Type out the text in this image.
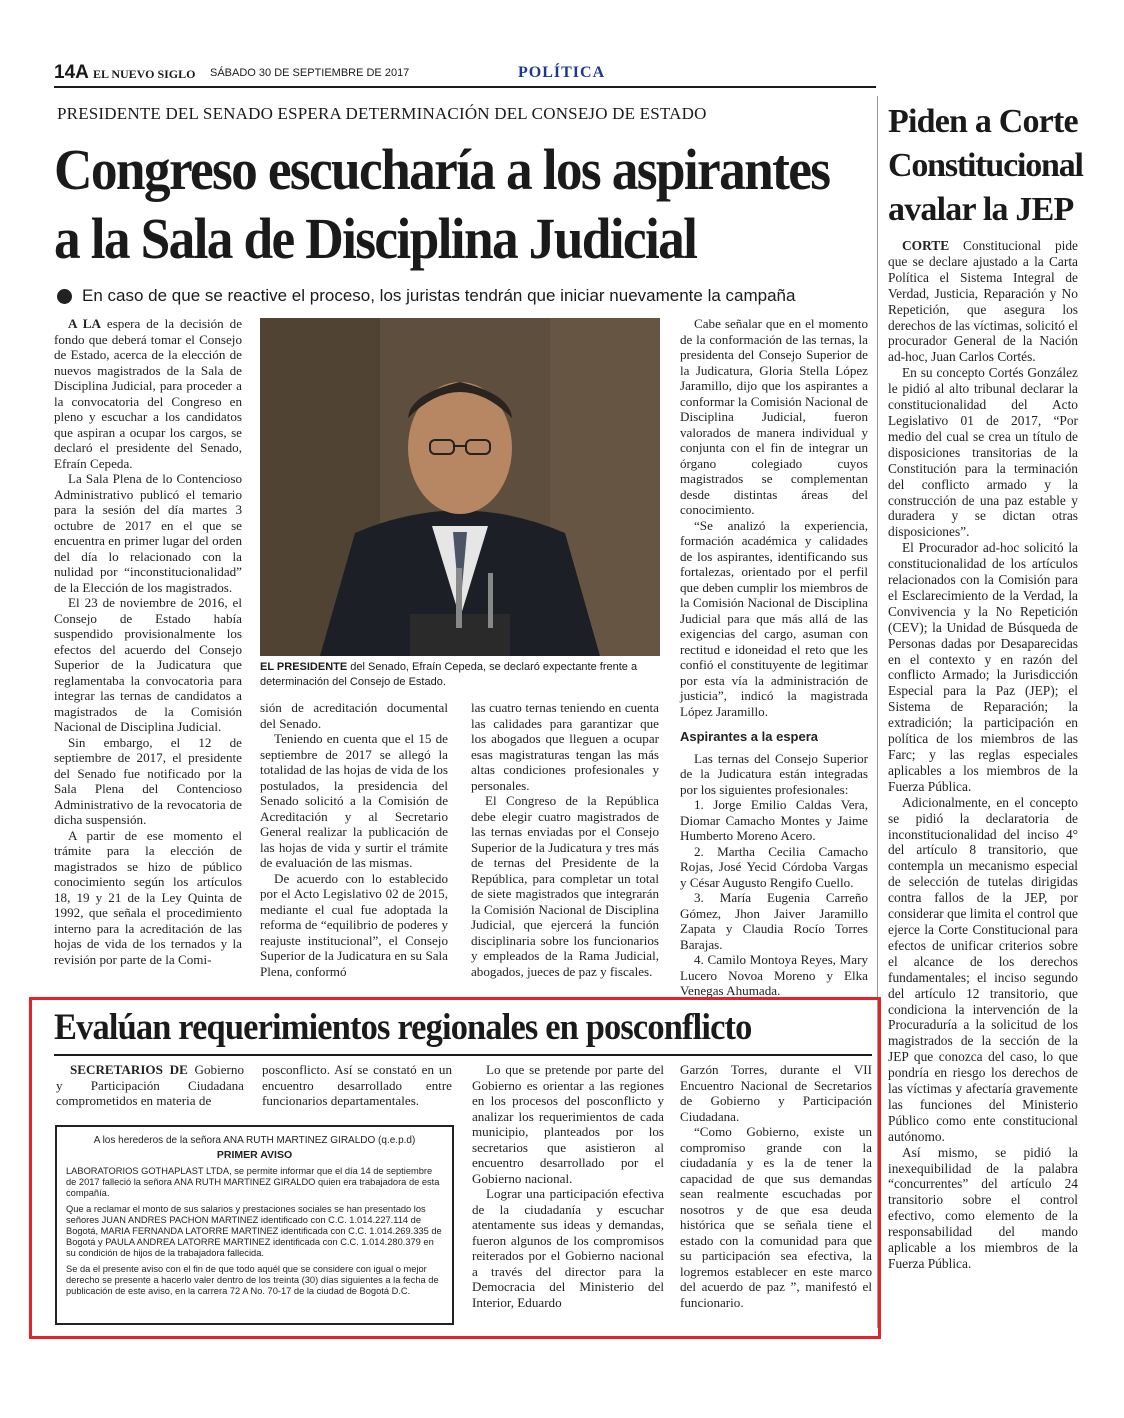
14A EL NUEVO SIGLO SÁBADO 30 DE SEPTIEMBRE DE 2017	POLÍTICA
PRESIDENTE DEL SENADO ESPERA DETERMINACIÓN DEL CONSEJO DE ESTADO
Congreso escucharía a los aspirantes
a la Sala de Disciplina Judicial
En caso de que se reactive el proceso, los juristas tendrán que iniciar nuevamente la campaña

A LA espera de la decisión de fondo que deberá tomar el Consejo de Estado, acerca de la elección de nuevos magistrados de la Sala de Disciplina Judicial, para proceder a la convocatoria del Congreso en pleno y escuchar a los candidatos que aspiran a ocupar los cargos, se declaró el presidente del Senado, Efraín Cepeda.

La Sala Plena de lo Contencioso Administrativo publicó el temario para la sesión del día martes 3 octubre de 2017 en el que se encuentra en primer lugar del orden del día lo relacionado con la nulidad por “inconstitucionalidad” de la Elección de los magistrados.

El 23 de noviembre de 2016, el Consejo de Estado había suspendido provisionalmente los efectos del acuerdo del Consejo Superior de la Judicatura que reglamentaba la convocatoria para integrar las ternas de candidatos a magistrados de la Comisión Nacional de Disciplina Judicial.

Sin embargo, el 12 de septiembre de 2017, el presidente del Senado fue notificado por la Sala Plena del Contencioso Administrativo de la revocatoria de dicha suspensión.

A partir de ese momento el trámite para la elección de magistrados se hizo de público conocimiento según los artículos 18, 19 y 21 de la Ley Quinta de 1992, que señala el procedimiento interno para la acreditación de las hojas de vida de los ternados y la revisión por parte de la Comi-

EL PRESIDENTE del Senado, Efraín Cepeda, se declaró expectante frente a determinación del Consejo de Estado.

sión de acreditación documental del Senado.

Teniendo en cuenta que el 15 de septiembre de 2017 se allegó la totalidad de las hojas de vida de los postulados, la presidencia del Senado solicitó a la Comisión de Acreditación y al Secretario General realizar la publicación de las hojas de vida y surtir el trámite de evaluación de las mismas.

De acuerdo con lo establecido por el Acto Legislativo 02 de 2015, mediante el cual fue adoptada la reforma de “equilibrio de poderes y reajuste institucional”, el Consejo Superior de la Judicatura en su Sala Plena, conformó

las cuatro ternas teniendo en cuenta las calidades para garantizar que los abogados que lleguen a ocupar esas magistraturas tengan las más altas condiciones profesionales y personales.

El Congreso de la República debe elegir cuatro magistrados de las ternas enviadas por el Consejo Superior de la Judicatura y tres más de ternas del Presidente de la República, para completar un total de siete magistrados que integrarán la Comisión Nacional de Disciplina Judicial, que ejercerá la función disciplinaria sobre los funcionarios y empleados de la Rama Judicial, abogados, jueces de paz y fiscales.

Cabe señalar que en el momento de la conformación de las ternas, la presidenta del Consejo Superior de la Judicatura, Gloria Stella López Jaramillo, dijo que los aspirantes a conformar la Comisión Nacional de Disciplina Judicial, fueron valorados de manera individual y conjunta con el fin de integrar un órgano colegiado cuyos magistrados se complementan desde distintas áreas del conocimiento.

“Se analizó la experiencia, formación académica y calidades de los aspirantes, identificando sus fortalezas, orientado por el perfil que deben cumplir los miembros de la Comisión Nacional de Disciplina Judicial para que más allá de las exigencias del cargo, asuman con rectitud e idoneidad el reto que les confió el constituyente de legitimar por esta vía la administración de justicia”, indicó la magistrada López Jaramillo.

Aspirantes a la espera

Las ternas del Consejo Superior de la Judicatura están integradas por los siguientes profesionales:

1. Jorge Emilio Caldas Vera, Diomar Camacho Montes y Jaime Humberto Moreno Acero.

2. Martha Cecilia Camacho Rojas, José Yecid Córdoba Vargas y César Augusto Rengifo Cuello.

3. María Eugenia Carreño Gómez, Jhon Jaiver Jaramillo Zapata y Claudia Rocío Torres Barajas.

4. Camilo Montoya Reyes, Mary Lucero Novoa Moreno y Elka Venegas Ahumada.

Piden a Corte
Constitucional
avalar la JEP

CORTE Constitucional pide que se declare ajustado a la Carta Política el Sistema Integral de Verdad, Justicia, Reparación y No Repetición, que asegura los derechos de las víctimas, solicitó el procurador General de la Nación ad-hoc, Juan Carlos Cortés.

En su concepto Cortés González le pidió al alto tribunal declarar la constitucionalidad del Acto Legislativo 01 de 2017, “Por medio del cual se crea un título de disposiciones transitorias de la Constitución para la terminación del conflicto armado y la construcción de una paz estable y duradera y se dictan otras disposiciones”.

El Procurador ad-hoc solicitó la constitucionalidad de los artículos relacionados con la Comisión para el Esclarecimiento de la Verdad, la Convivencia y la No Repetición (CEV); la Unidad de Búsqueda de Personas dadas por Desaparecidas en el contexto y en razón del conflicto Armado; la Jurisdicción Especial para la Paz (JEP); el Sistema de Reparación; la extradición; la participación en política de los miembros de las Farc; y las reglas especiales aplicables a los miembros de la Fuerza Pública.

Adicionalmente, en el concepto se pidió la declaratoria de inconstitucionalidad del inciso 4° del artículo 8 transitorio, que contempla un mecanismo especial de selección de tutelas dirigidas contra fallos de la JEP, por considerar que limita el control que ejerce la Corte Constitucional para efectos de unificar criterios sobre el alcance de los derechos fundamentales; el inciso segundo del artículo 12 transitorio, que condiciona la intervención de la Procuraduría a la solicitud de los magistrados de la sección de la JEP que conozca del caso, lo que pondría en riesgo los derechos de las víctimas y afectaría gravemente las funciones del Ministerio Público como ente constitucional autónomo.

Así mismo, se pidió la inexequibilidad de la palabra “concurrentes” del artículo 24 transitorio sobre el control efectivo, como elemento de la responsabilidad del mando aplicable a los miembros de la Fuerza Pública.

Evalúan requerimientos regionales en posconflicto

SECRETARIOS DE Gobierno y Participación Ciudadana comprometidos en materia de

posconflicto. Así se constató en un encuentro desarrollado entre funcionarios departamentales.

Lo que se pretende por parte del Gobierno es orientar a las regiones en los procesos del posconflicto y analizar los requerimientos de cada municipio, planteados por los secretarios que asistieron al encuentro desarrollado por el Gobierno nacional.

Lograr una participación efectiva de la ciudadanía y escuchar atentamente sus ideas y demandas, fueron algunos de los compromisos reiterados por el Gobierno nacional a través del director para la Democracia del Ministerio del Interior, Eduardo

Garzón Torres, durante el VII Encuentro Nacional de Secretarios de Gobierno y Participación Ciudadana.

“Como Gobierno, existe un compromiso grande con la ciudadanía y es la de tener la capacidad de que sus demandas sean realmente escuchadas por nosotros y de que esa deuda histórica que se señala tiene el estado con la comunidad para que su participación sea efectiva, la logremos establecer en este marco del acuerdo de paz ”, manifestó el funcionario.

A los herederos de la señora ANA RUTH MARTINEZ GIRALDO (q.e.p.d)
PRIMER AVISO
LABORATORIOS GOTHAPLAST LTDA, se permite informar que el día 14 de septiembre de 2017 falleció la señora ANA RUTH MARTINEZ GIRALDO quien era trabajadora de esta compañía.
Que a reclamar el monto de sus salarios y prestaciones sociales se han presentado los señores JUAN ANDRES PACHON MARTINEZ identificado con C.C. 1.014.227.114 de Bogotá, MARIA FERNANDA LATORRE MARTINEZ identificada con C.C. 1.014.269.335 de Bogotá y PAULA ANDREA LATORRE MARTINEZ identificada con C.C. 1.014.280.379 en su condición de hijos de la trabajadora fallecida.
Se da el presente aviso con el fin de que todo aquél que se considere con igual o mejor derecho se presente a hacerlo valer dentro de los treinta (30) días siguientes a la fecha de publicación de este aviso, en la carrera 72 A No. 70-17 de la ciudad de Bogotá D.C.
